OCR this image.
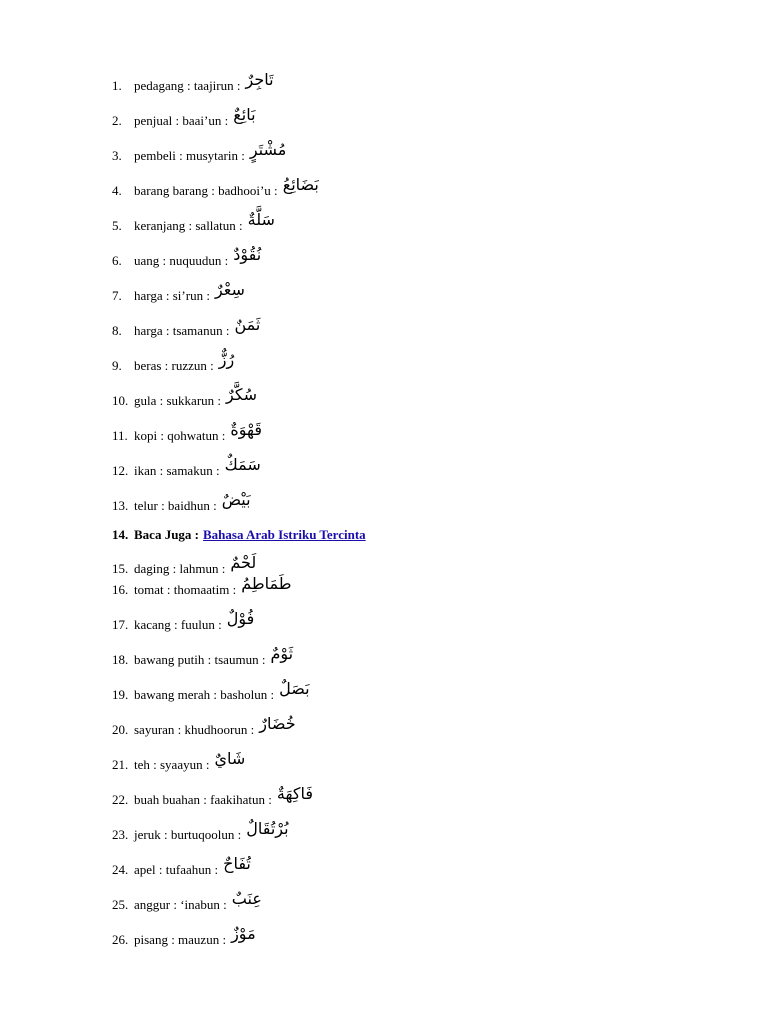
1. pedagang : taajirun : تَاجِرٌ
2. penjual : baai’un : بَائِعٌ
3. pembeli : musytarin : مُشْتَرٍ
4. barang barang : badhooi’u : بَضَائِعُ
5. keranjang : sallatun : سَلَّةٌ
6. uang : nuquudun : نُقُوْدٌ
7. harga : si’run : سِعْرٌ
8. harga : tsamanun : ثَمَنٌ
9. beras : ruzzun : رُزٌّ
10. gula : sukkarun : سُكَّرٌ
11. kopi : qohwatun : قَهْوَةٌ
12. ikan : samakun : سَمَكٌ
13. telur : baidhun : بَيْضٌ
14. Baca Juga : Bahasa Arab Istriku Tercinta
15. daging : lahmun : لَحْمٌ
16. tomat : thomaatim : طَمَاطِمُ
17. kacang : fuulun : فُوْلٌ
18. bawang putih : tsaumun : ثَوْمٌ
19. bawang merah : basholun : بَصَلٌ
20. sayuran : khudhoorun : خُضَارٌ
21. teh : syaayun : شَايٌ
22. buah buahan : faakihatun : فَاكِهَةٌ
23. jeruk : burtuqoolun : بُرْتُقَالٌ
24. apel : tufaahun : تُفَاحٌ
25. anggur : ‘inabun : عِنَبٌ
26. pisang : mauzun : مَوْزٌ
